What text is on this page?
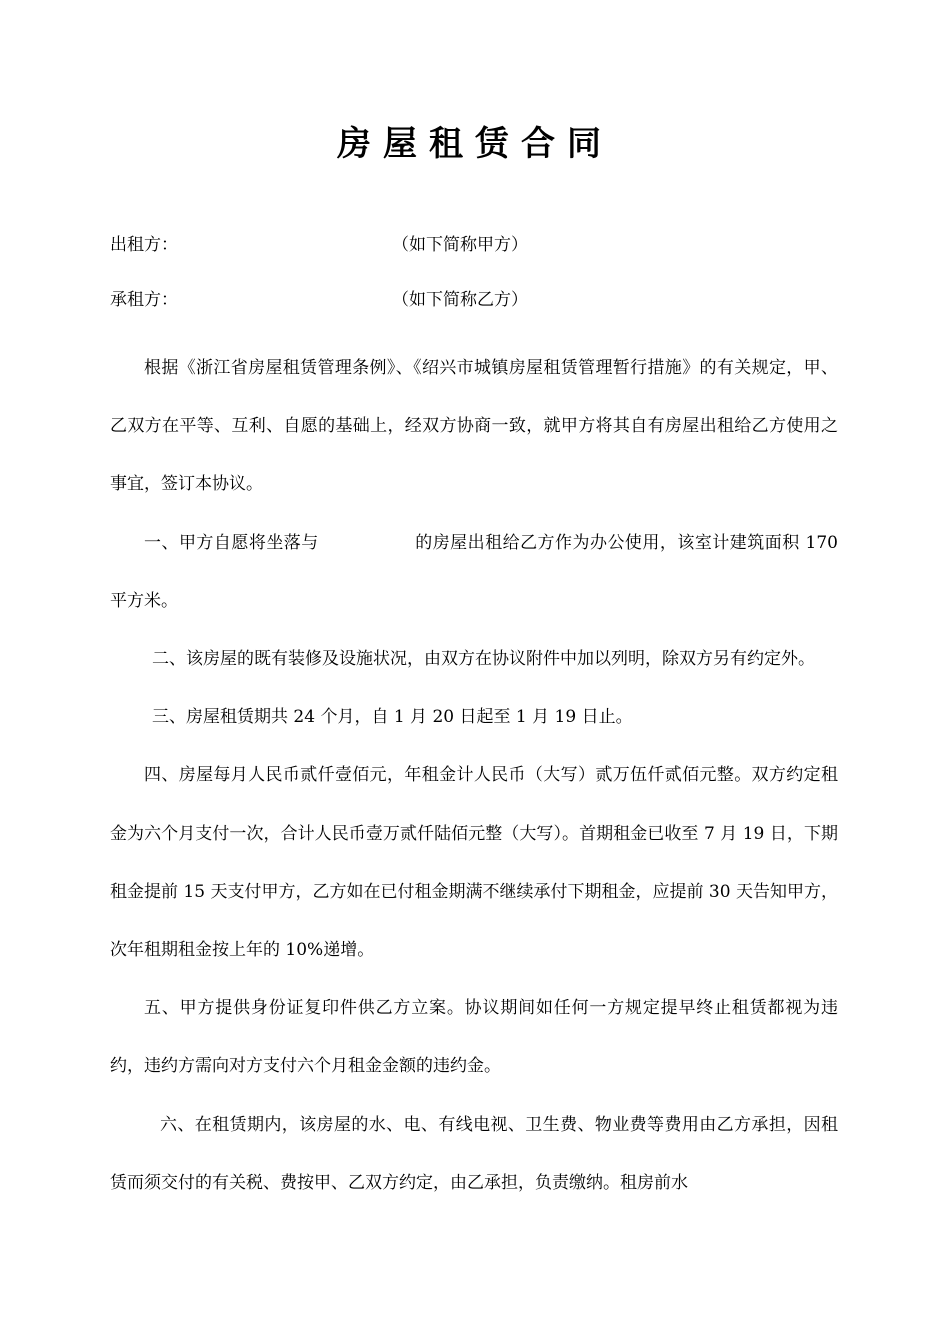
房屋租赁合同
出租方：	（如下简称甲方）
承租方：	（如下简称乙方）

根据《浙江省房屋租赁管理条例》、《绍兴市城镇房屋租赁管理暂行措施》的有关规定，甲、乙双方在平等、互利、自愿的基础上，经双方协商一致，就甲方将其自有房屋出租给乙方使用之事宜，签订本协议。

一、甲方自愿将坐落与	的房屋出租给乙方作为办公使用，该室计建筑面积 170 平方米。

二、该房屋的既有装修及设施状况，由双方在协议附件中加以列明，除双方另有约定外。

三、房屋租赁期共 24 个月，自 1 月 20 日起至 1 月 19 日止。

四、房屋每月人民币贰仟壹佰元，年租金计人民币（大写）贰万伍仟贰佰元整。双方约定租金为六个月支付一次，合计人民币壹万贰仟陆佰元整（大写）。首期租金已收至 7 月 19 日，下期租金提前 15 天支付甲方，乙方如在已付租金期满不继续承付下期租金，应提前 30 天告知甲方，次年租期租金按上年的 10%递增。

五、甲方提供身份证复印件供乙方立案。协议期间如任何一方规定提早终止租赁都视为违约，违约方需向对方支付六个月租金金额的违约金。

六、在租赁期内，该房屋的水、电、有线电视、卫生费、物业费等费用由乙方承担，因租赁而须交付的有关税、费按甲、乙双方约定，由乙承担，负责缴纳。租房前水
